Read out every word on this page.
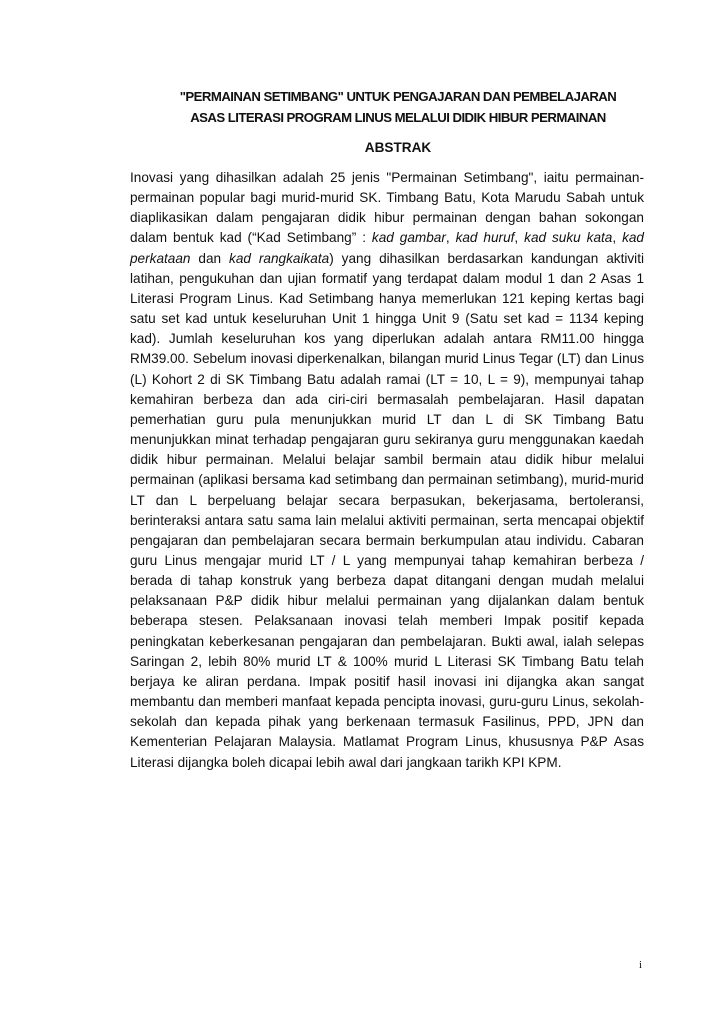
"PERMAINAN SETIMBANG" UNTUK PENGAJARAN DAN PEMBELAJARAN
ASAS LITERASI PROGRAM LINUS MELALUI DIDIK HIBUR PERMAINAN
ABSTRAK

Inovasi yang dihasilkan adalah 25 jenis "Permainan Setimbang", iaitu permainan-permainan popular bagi murid-murid SK. Timbang Batu, Kota Marudu Sabah untuk diaplikasikan dalam pengajaran didik hibur permainan dengan bahan sokongan dalam bentuk kad (“Kad Setimbang” : kad gambar, kad huruf, kad suku kata, kad perkataan dan kad rangkaikata) yang dihasilkan berdasarkan kandungan aktiviti latihan, pengukuhan dan ujian formatif yang terdapat dalam modul 1 dan 2 Asas 1 Literasi Program Linus. Kad Setimbang hanya memerlukan 121 keping kertas bagi satu set kad untuk keseluruhan Unit 1 hingga Unit 9 (Satu set kad = 1134 keping kad). Jumlah keseluruhan kos yang diperlukan adalah antara RM11.00 hingga RM39.00. Sebelum inovasi diperkenalkan, bilangan murid Linus Tegar (LT) dan Linus (L) Kohort 2 di SK Timbang Batu adalah ramai (LT = 10, L = 9), mempunyai tahap kemahiran berbeza dan ada ciri-ciri bermasalah pembelajaran. Hasil dapatan pemerhatian guru pula menunjukkan murid LT dan L di SK Timbang Batu menunjukkan minat terhadap pengajaran guru sekiranya guru menggunakan kaedah didik hibur permainan. Melalui belajar sambil bermain atau didik hibur melalui permainan (aplikasi bersama kad setimbang dan permainan setimbang), murid-murid LT dan L berpeluang belajar secara berpasukan, bekerjasama, bertoleransi, berinteraksi antara satu sama lain melalui aktiviti permainan, serta mencapai objektif pengajaran dan pembelajaran secara bermain berkumpulan atau individu. Cabaran guru Linus mengajar murid LT / L yang mempunyai tahap kemahiran berbeza / berada di tahap konstruk yang berbeza dapat ditangani dengan mudah melalui pelaksanaan P&P didik hibur melalui permainan yang dijalankan dalam bentuk beberapa stesen. Pelaksanaan inovasi telah memberi Impak positif kepada peningkatan keberkesanan pengajaran dan pembelajaran. Bukti awal, ialah selepas Saringan 2, lebih 80% murid LT & 100% murid L Literasi SK Timbang Batu telah berjaya ke aliran perdana. Impak positif hasil inovasi ini dijangka akan sangat membantu dan memberi manfaat kepada pencipta inovasi, guru-guru Linus, sekolah-sekolah dan kepada pihak yang berkenaan termasuk Fasilinus, PPD, JPN dan Kementerian Pelajaran Malaysia. Matlamat Program Linus, khususnya P&P Asas Literasi dijangka boleh dicapai lebih awal dari jangkaan tarikh KPI KPM.

i
